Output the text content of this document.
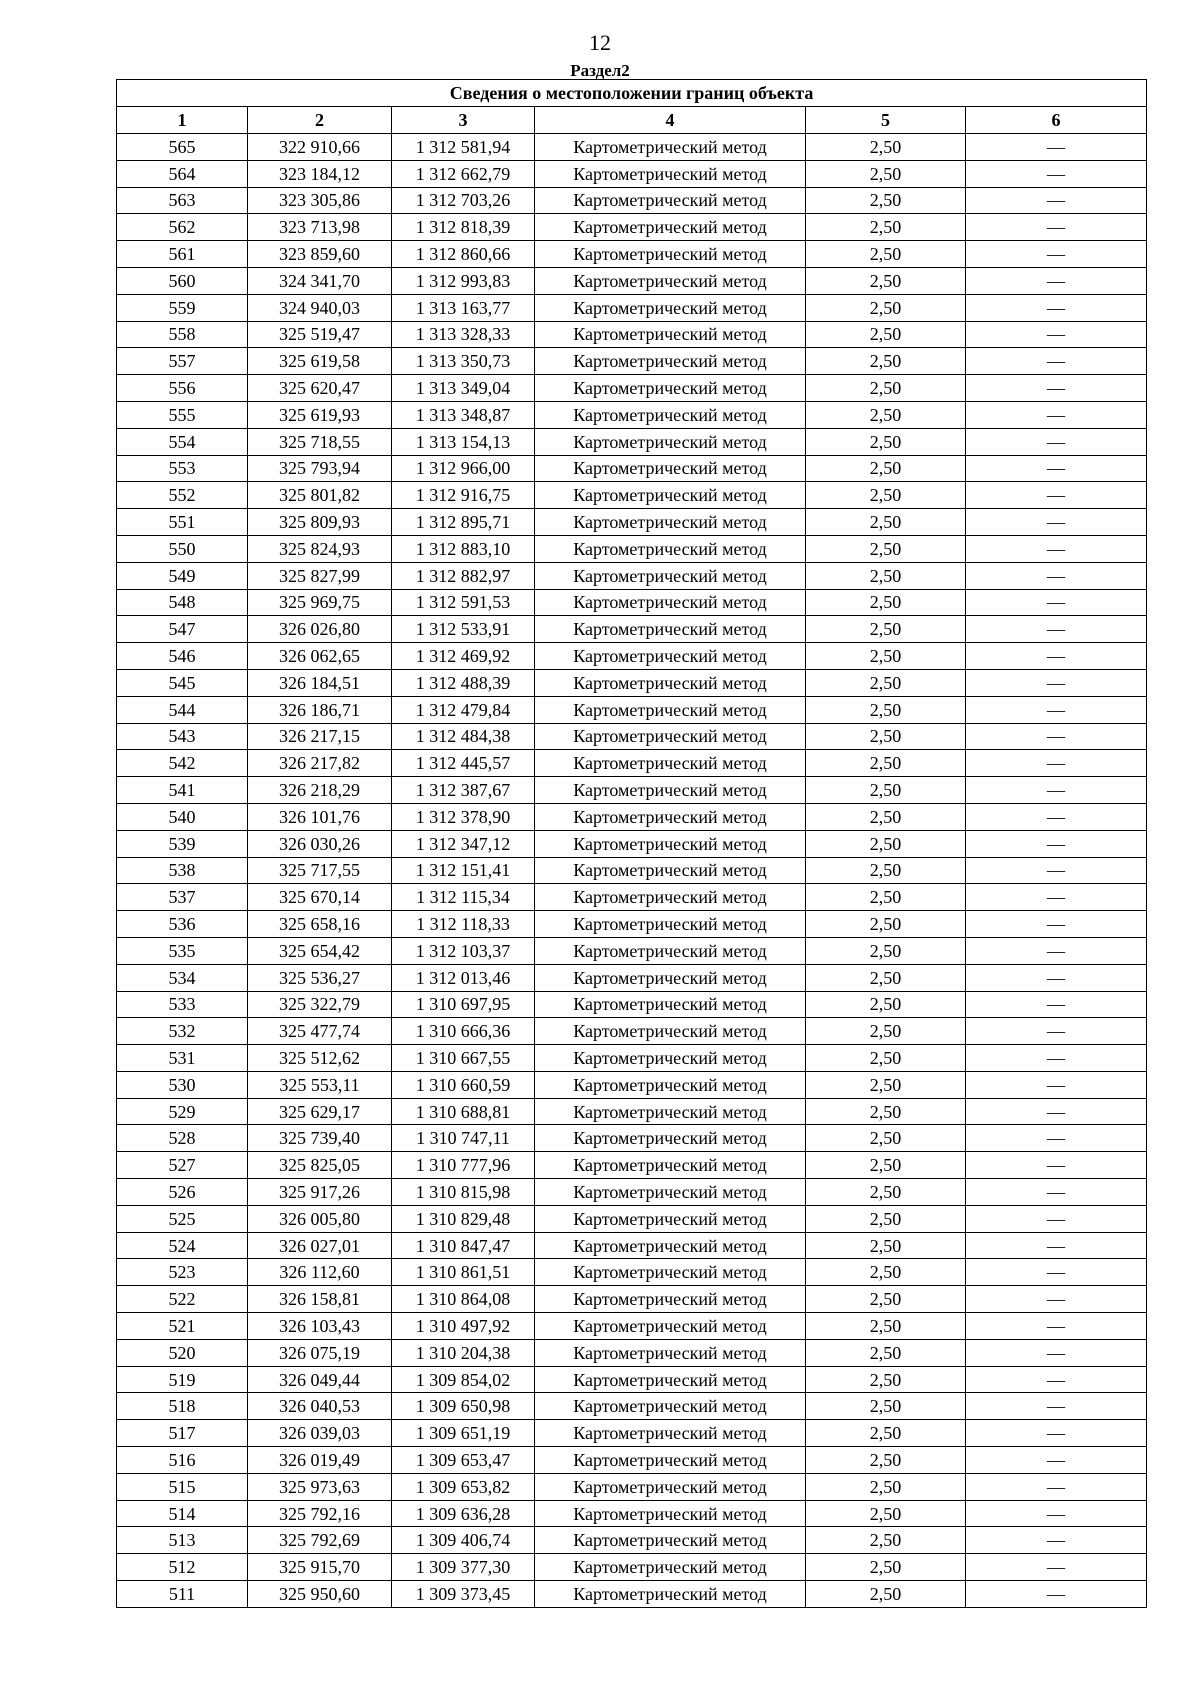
12
Раздел2
Сведения о местоположении границ объекта					
1	2	3	4	5	6
565	322 910,66	1 312 581,94	Картометрический метод	2,50	—
564	323 184,12	1 312 662,79	Картометрический метод	2,50	—
563	323 305,86	1 312 703,26	Картометрический метод	2,50	—
562	323 713,98	1 312 818,39	Картометрический метод	2,50	—
561	323 859,60	1 312 860,66	Картометрический метод	2,50	—
560	324 341,70	1 312 993,83	Картометрический метод	2,50	—
559	324 940,03	1 313 163,77	Картометрический метод	2,50	—
558	325 519,47	1 313 328,33	Картометрический метод	2,50	—
557	325 619,58	1 313 350,73	Картометрический метод	2,50	—
556	325 620,47	1 313 349,04	Картометрический метод	2,50	—
555	325 619,93	1 313 348,87	Картометрический метод	2,50	—
554	325 718,55	1 313 154,13	Картометрический метод	2,50	—
553	325 793,94	1 312 966,00	Картометрический метод	2,50	—
552	325 801,82	1 312 916,75	Картометрический метод	2,50	—
551	325 809,93	1 312 895,71	Картометрический метод	2,50	—
550	325 824,93	1 312 883,10	Картометрический метод	2,50	—
549	325 827,99	1 312 882,97	Картометрический метод	2,50	—
548	325 969,75	1 312 591,53	Картометрический метод	2,50	—
547	326 026,80	1 312 533,91	Картометрический метод	2,50	—
546	326 062,65	1 312 469,92	Картометрический метод	2,50	—
545	326 184,51	1 312 488,39	Картометрический метод	2,50	—
544	326 186,71	1 312 479,84	Картометрический метод	2,50	—
543	326 217,15	1 312 484,38	Картометрический метод	2,50	—
542	326 217,82	1 312 445,57	Картометрический метод	2,50	—
541	326 218,29	1 312 387,67	Картометрический метод	2,50	—
540	326 101,76	1 312 378,90	Картометрический метод	2,50	—
539	326 030,26	1 312 347,12	Картометрический метод	2,50	—
538	325 717,55	1 312 151,41	Картометрический метод	2,50	—
537	325 670,14	1 312 115,34	Картометрический метод	2,50	—
536	325 658,16	1 312 118,33	Картометрический метод	2,50	—
535	325 654,42	1 312 103,37	Картометрический метод	2,50	—
534	325 536,27	1 312 013,46	Картометрический метод	2,50	—
533	325 322,79	1 310 697,95	Картометрический метод	2,50	—
532	325 477,74	1 310 666,36	Картометрический метод	2,50	—
531	325 512,62	1 310 667,55	Картометрический метод	2,50	—
530	325 553,11	1 310 660,59	Картометрический метод	2,50	—
529	325 629,17	1 310 688,81	Картометрический метод	2,50	—
528	325 739,40	1 310 747,11	Картометрический метод	2,50	—
527	325 825,05	1 310 777,96	Картометрический метод	2,50	—
526	325 917,26	1 310 815,98	Картометрический метод	2,50	—
525	326 005,80	1 310 829,48	Картометрический метод	2,50	—
524	326 027,01	1 310 847,47	Картометрический метод	2,50	—
523	326 112,60	1 310 861,51	Картометрический метод	2,50	—
522	326 158,81	1 310 864,08	Картометрический метод	2,50	—
521	326 103,43	1 310 497,92	Картометрический метод	2,50	—
520	326 075,19	1 310 204,38	Картометрический метод	2,50	—
519	326 049,44	1 309 854,02	Картометрический метод	2,50	—
518	326 040,53	1 309 650,98	Картометрический метод	2,50	—
517	326 039,03	1 309 651,19	Картометрический метод	2,50	—
516	326 019,49	1 309 653,47	Картометрический метод	2,50	—
515	325 973,63	1 309 653,82	Картометрический метод	2,50	—
514	325 792,16	1 309 636,28	Картометрический метод	2,50	—
513	325 792,69	1 309 406,74	Картометрический метод	2,50	—
512	325 915,70	1 309 377,30	Картометрический метод	2,50	—
511	325 950,60	1 309 373,45	Картометрический метод	2,50	—
